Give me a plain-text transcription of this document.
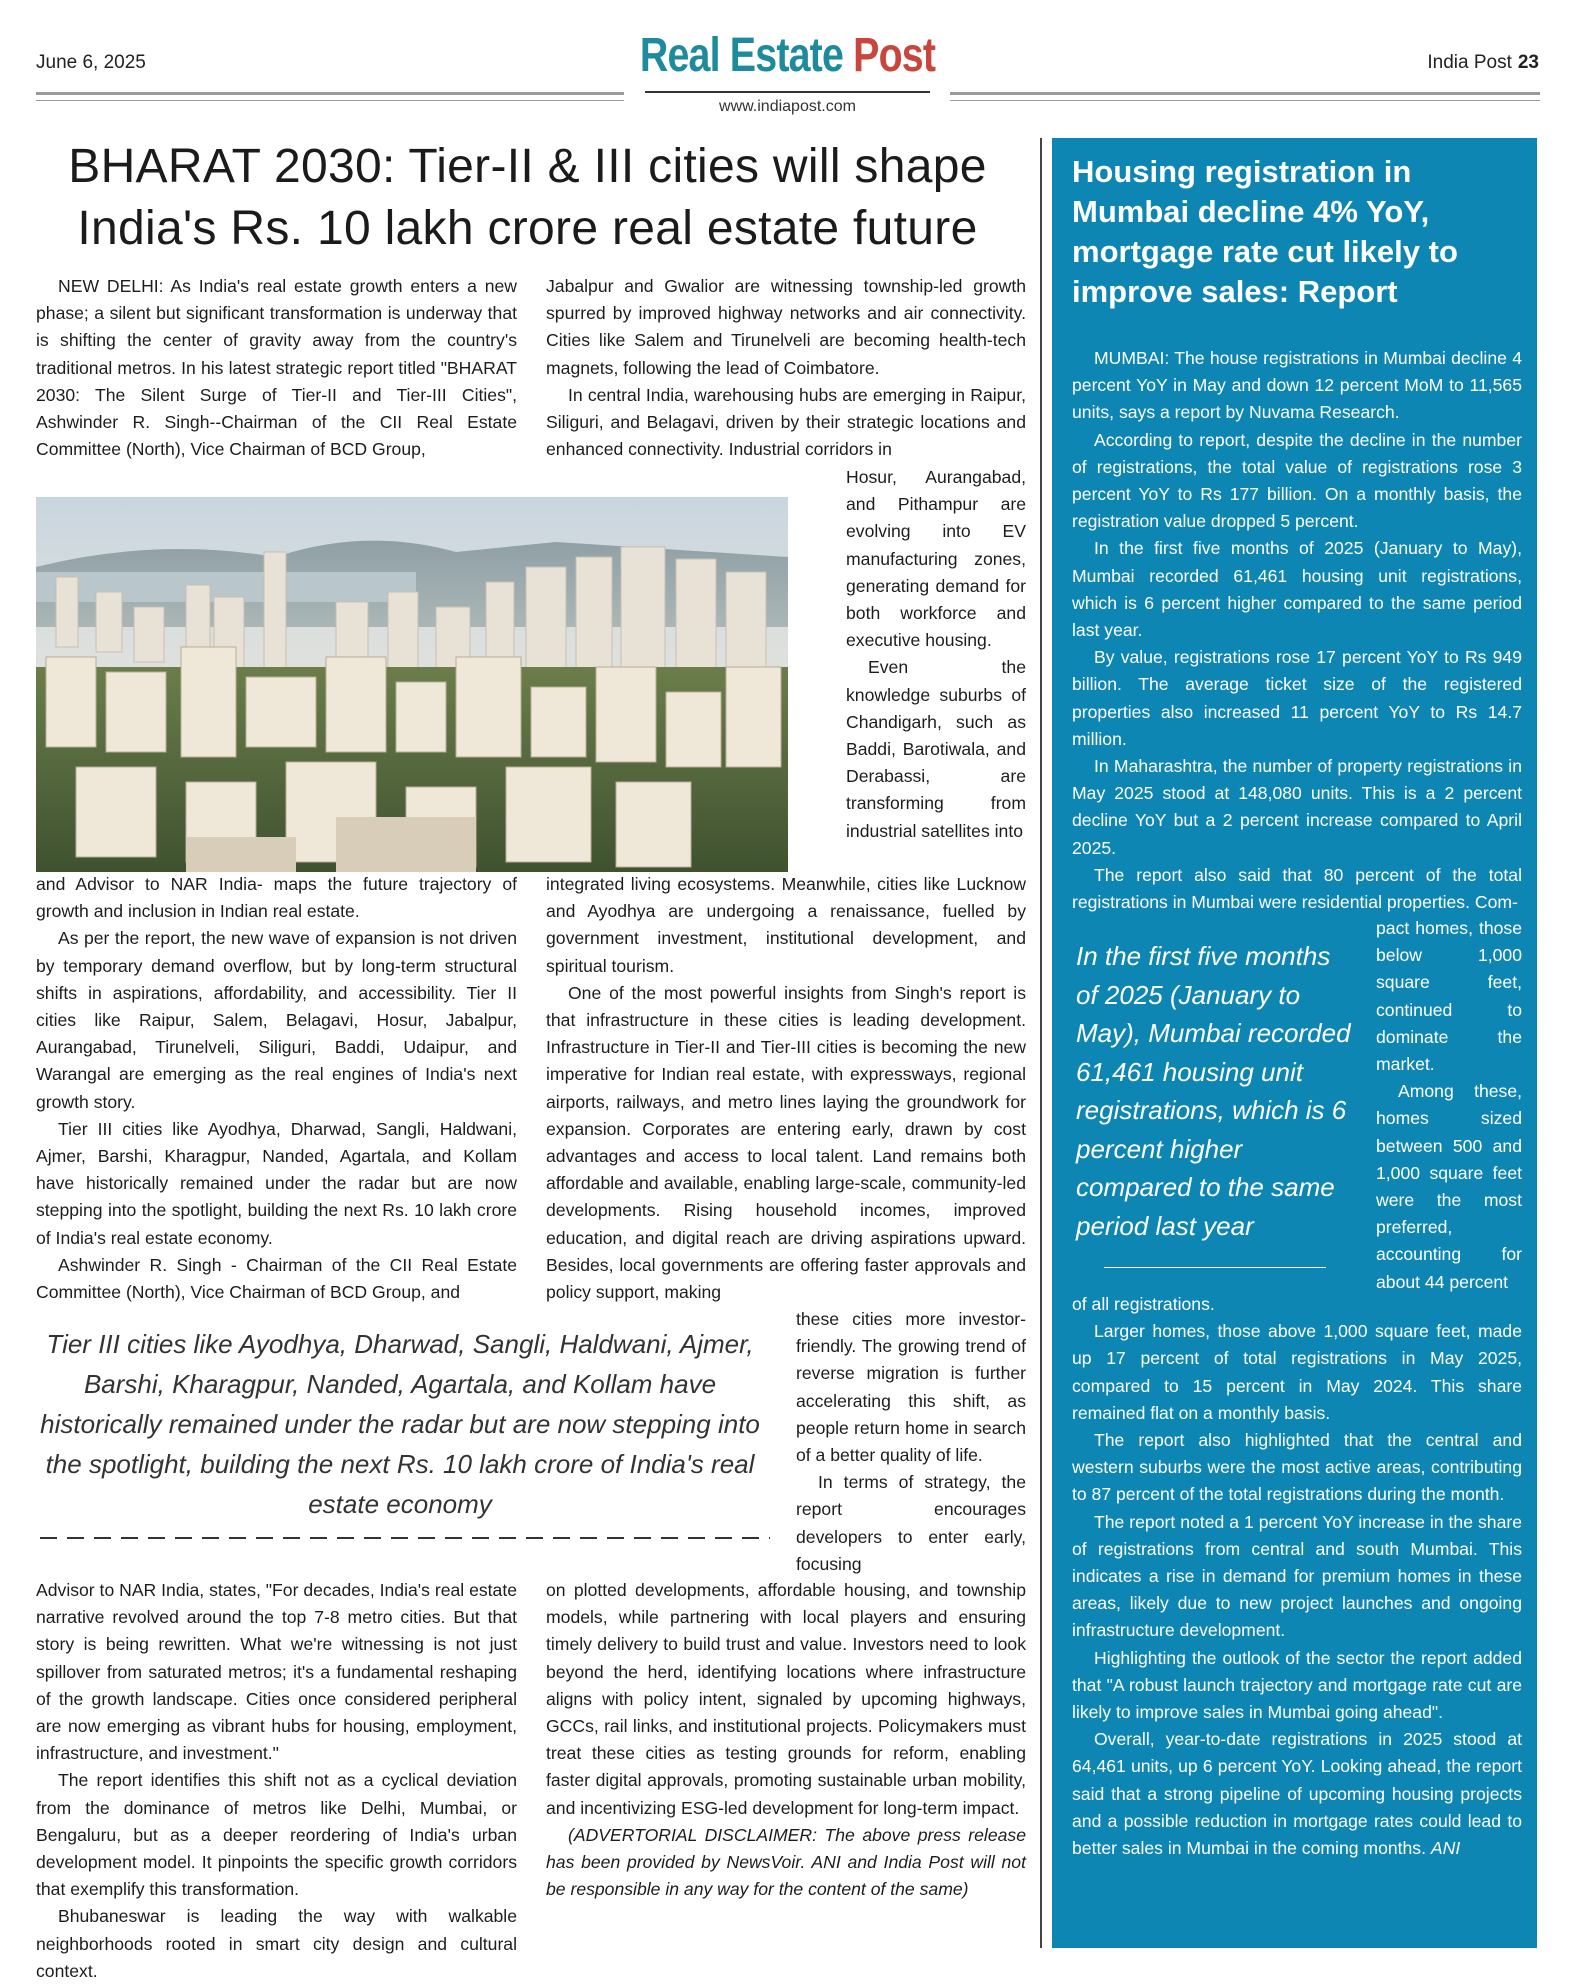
June 6, 2025	Real Estate Post
www.indiapost.com
India Post 23
BHARAT 2030: Tier-II & III cities will shape
India's Rs. 10 lakh crore real estate future

NEW DELHI: As India's real estate growth enters a new phase; a silent but significant transformation is underway that is shifting the center of gravity away from the country's traditional metros. In his latest strategic report titled "BHARAT 2030: The Silent Surge of Tier-II and Tier-III Cities", Ashwinder R. Singh--Chairman of the CII Real Estate Committee (North), Vice Chairman of BCD Group,

Jabalpur and Gwalior are witnessing township-led growth spurred by improved highway networks and air connectivity. Cities like Salem and Tirunelveli are becoming health-tech magnets, following the lead of Coimbatore.

In central India, warehousing hubs are emerging in Raipur, Siliguri, and Belagavi, driven by their strategic locations and enhanced connectivity. Industrial corridors in

Hosur, Aurangabad, and Pithampur are evolving into EV manufacturing zones, generating demand for both workforce and executive housing.

Even the knowledge suburbs of Chandigarh, such as Baddi, Barotiwala, and Derabassi, are transforming from industrial satellites into

and Advisor to NAR India- maps the future trajectory of growth and inclusion in Indian real estate.

As per the report, the new wave of expansion is not driven by temporary demand overflow, but by long-term structural shifts in aspirations, affordability, and accessibility. Tier II cities like Raipur, Salem, Belagavi, Hosur, Jabalpur, Aurangabad, Tirunelveli, Siliguri, Baddi, Udaipur, and Warangal are emerging as the real engines of India's next growth story.

Tier III cities like Ayodhya, Dharwad, Sangli, Haldwani, Ajmer, Barshi, Kharagpur, Nanded, Agartala, and Kollam have historically remained under the radar but are now stepping into the spotlight, building the next Rs. 10 lakh crore of India's real estate economy.

Ashwinder R. Singh - Chairman of the CII Real Estate Committee (North), Vice Chairman of BCD Group, and

integrated living ecosystems. Meanwhile, cities like Lucknow and Ayodhya are undergoing a renaissance, fuelled by government investment, institutional development, and spiritual tourism.

One of the most powerful insights from Singh's report is that infrastructure in these cities is leading development. Infrastructure in Tier-II and Tier-III cities is becoming the new imperative for Indian real estate, with expressways, regional airports, railways, and metro lines laying the groundwork for expansion. Corporates are entering early, drawn by cost advantages and access to local talent. Land remains both affordable and available, enabling large-scale, community-led developments. Rising household incomes, improved education, and digital reach are driving aspirations upward. Besides, local governments are offering faster approvals and policy support, making

these cities more investor-friendly. The growing trend of reverse migration is further accelerating this shift, as people return home in search of a better quality of life.

In terms of strategy, the report encourages developers to enter early, focusing

Tier III cities like Ayodhya, Dharwad, Sangli, Haldwani, Ajmer, Barshi, Kharagpur, Nanded, Agartala, and Kollam have historically remained under the radar but are now stepping into the spotlight, building the next Rs. 10 lakh crore of India's real estate economy

Advisor to NAR India, states, "For decades, India's real estate narrative revolved around the top 7-8 metro cities. But that story is being rewritten. What we're witnessing is not just spillover from saturated metros; it's a fundamental reshaping of the growth landscape. Cities once considered peripheral are now emerging as vibrant hubs for housing, employment, infrastructure, and investment."

The report identifies this shift not as a cyclical deviation from the dominance of metros like Delhi, Mumbai, or Bengaluru, but as a deeper reordering of India's urban development model. It pinpoints the specific growth corridors that exemplify this transformation.

Bhubaneswar is leading the way with walkable neighborhoods rooted in smart city design and cultural context.

on plotted developments, affordable housing, and township models, while partnering with local players and ensuring timely delivery to build trust and value. Investors need to look beyond the herd, identifying locations where infrastructure aligns with policy intent, signaled by upcoming highways, GCCs, rail links, and institutional projects. Policymakers must treat these cities as testing grounds for reform, enabling faster digital approvals, promoting sustainable urban mobility, and incentivizing ESG-led development for long-term impact.

(ADVERTORIAL DISCLAIMER: The above press release has been provided by NewsVoir. ANI and India Post will not be responsible in any way for the content of the same)

Housing registration in Mumbai decline 4% YoY, mortgage rate cut likely to improve sales: Report

MUMBAI: The house registrations in Mumbai decline 4 percent YoY in May and down 12 percent MoM to 11,565 units, says a report by Nuvama Research.

According to report, despite the decline in the number of registrations, the total value of registrations rose 3 percent YoY to Rs 177 billion. On a monthly basis, the registration value dropped 5 percent.

In the first five months of 2025 (January to May), Mumbai recorded 61,461 housing unit registrations, which is 6 percent higher compared to the same period last year.

By value, registrations rose 17 percent YoY to Rs 949 billion. The average ticket size of the registered properties also increased 11 percent YoY to Rs 14.7 million.

In Maharashtra, the number of property registrations in May 2025 stood at 148,080 units. This is a 2 percent decline YoY but a 2 percent increase compared to April 2025.

The report also said that 80 percent of the total registrations in Mumbai were residential properties. Com-

In the first five months of 2025 (January to May), Mumbai recorded 61,461 housing unit registrations, which is 6 percent higher compared to the same period last year

pact homes, those below 1,000 square feet, continued to dominate the market.

Among these, homes sized between 500 and 1,000 square feet were the most preferred, accounting for about 44 percent

of all registrations.

Larger homes, those above 1,000 square feet, made up 17 percent of total registrations in May 2025, compared to 15 percent in May 2024. This share remained flat on a monthly basis.

The report also highlighted that the central and western suburbs were the most active areas, contributing to 87 percent of the total registrations during the month.

The report noted a 1 percent YoY increase in the share of registrations from central and south Mumbai. This indicates a rise in demand for premium homes in these areas, likely due to new project launches and ongoing infrastructure development.

Highlighting the outlook of the sector the report added that "A robust launch trajectory and mortgage rate cut are likely to improve sales in Mumbai going ahead".

Overall, year-to-date registrations in 2025 stood at 64,461 units, up 6 percent YoY. Looking ahead, the report said that a strong pipeline of upcoming housing projects and a possible reduction in mortgage rates could lead to better sales in Mumbai in the coming months. ANI
